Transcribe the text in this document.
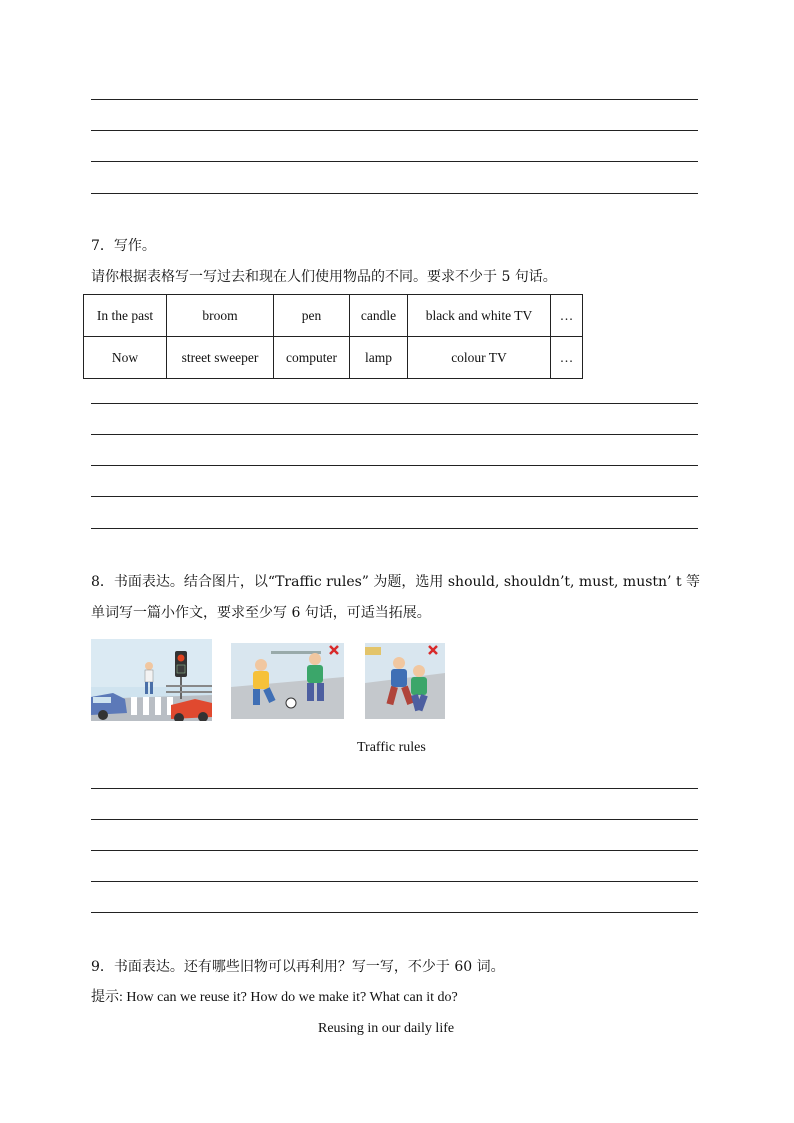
7．写作。
请你根据表格写一写过去和现在人们使用物品的不同。要求不少于 5 句话。
In the past	broom	pen	candle	black and white TV	…
Now	street sweeper	computer	lamp	colour TV	…
8．书面表达。结合图片，以“Traffic rules” 为题，选用 should, shouldn’t, must, mustn’ t 等
单词写一篇小作文，要求至少写 6 句话，可适当拓展。
Traffic rules
9．书面表达。还有哪些旧物可以再利用？写一写，不少于 60 词。
提示: How can we reuse it? How do we make it? What can it do?
Reusing in our daily life
